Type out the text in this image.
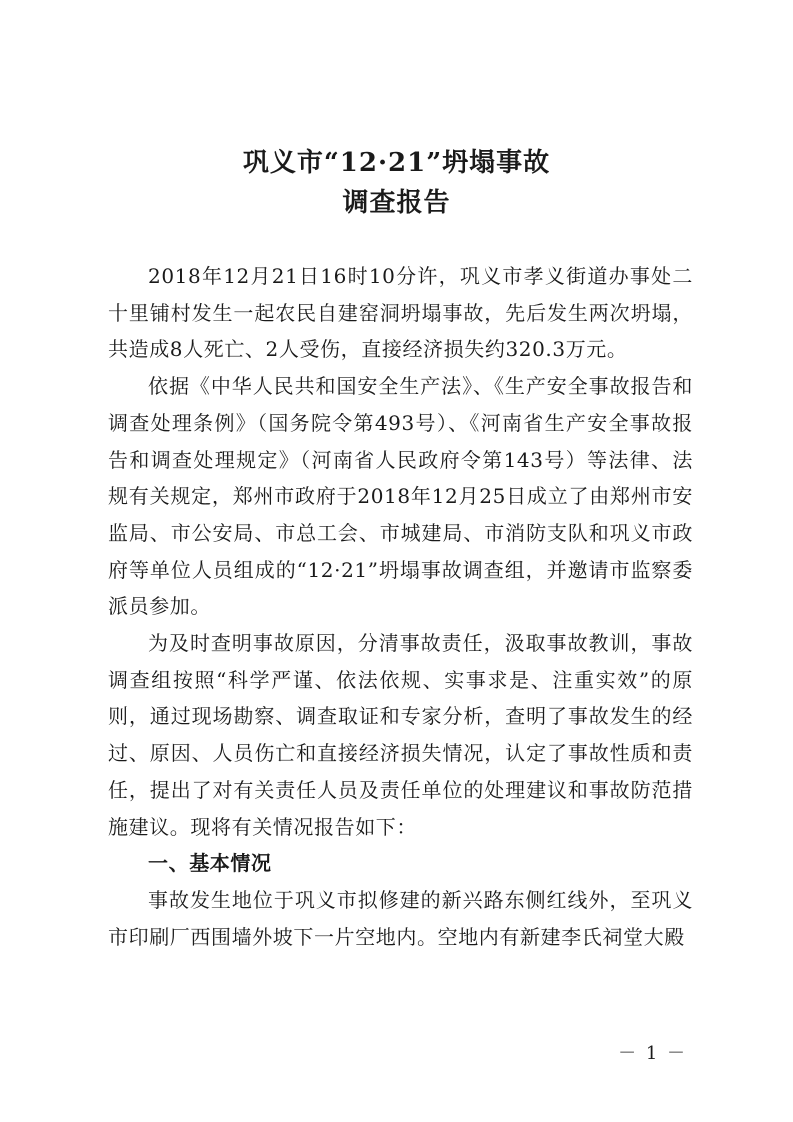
巩义市“12·21”坍塌事故
调查报告

2018年12月21日16时10分许，巩义市孝义街道办事处二十里铺村发生一起农民自建窑洞坍塌事故，先后发生两次坍塌，共造成8人死亡、2人受伤，直接经济损失约320.3万元。

依据《中华人民共和国安全生产法》、《生产安全事故报告和调查处理条例》（国务院令第493号）、《河南省生产安全事故报告和调查处理规定》（河南省人民政府令第143号）等法律、法规有关规定，郑州市政府于2018年12月25日成立了由郑州市安监局、市公安局、市总工会、市城建局、市消防支队和巩义市政府等单位人员组成的“12·21”坍塌事故调查组，并邀请市监察委派员参加。

为及时查明事故原因，分清事故责任，汲取事故教训，事故调查组按照“科学严谨、依法依规、实事求是、注重实效”的原则，通过现场勘察、调查取证和专家分析，查明了事故发生的经过、原因、人员伤亡和直接经济损失情况，认定了事故性质和责任，提出了对有关责任人员及责任单位的处理建议和事故防范措施建议。现将有关情况报告如下：

一、基本情况

事故发生地位于巩义市拟修建的新兴路东侧红线外，至巩义市印刷厂西围墙外坡下一片空地内。空地内有新建李氏祠堂大殿

－ 1 －
